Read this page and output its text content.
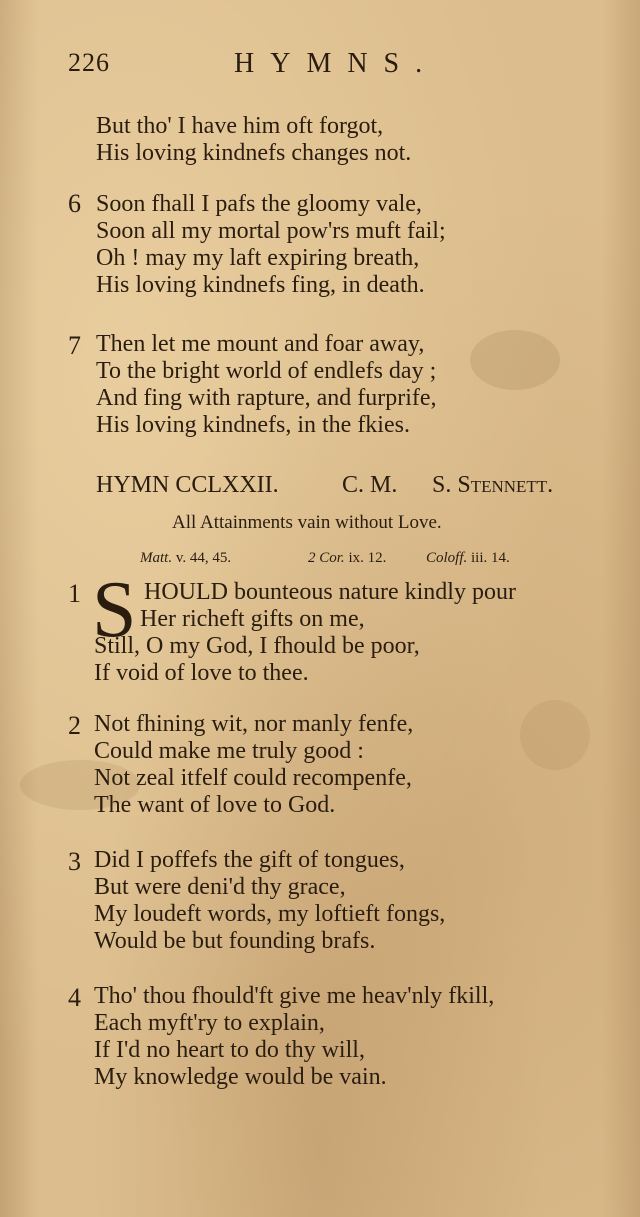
226	HYMNS.
But tho' I have him oft forgot,
His loving kindnefs changes not.
6 Soon fhall I pafs the gloomy vale,
Soon all my mortal pow'rs muft fail;
Oh ! may my laft expiring breath,
His loving kindnefs fing, in death.
7 Then let me mount and foar away,
To the bright world of endlefs day ;
And fing with rapture, and furprife,
His loving kindnefs, in the fkies.
HYMN CCLXXII.	C. M. S. Stennett.
All Attainments vain without Love.
Matt. v. 44, 45.	2 Cor. ix. 12.	Coloff. iii. 14.
1 S HOULD bounteous nature kindly pour
Her richeft gifts on me,
Still, O my God, I fhould be poor,
If void of love to thee.
2 Not fhining wit, nor manly fenfe,
Could make me truly good :
Not zeal itfelf could recompenfe,
The want of love to God.
3 Did I poffefs the gift of tongues,
But were deni'd thy grace,
My loudeft words, my loftieft fongs,
Would be but founding brafs.
4 Tho' thou fhould'ft give me heav'nly fkill,
Each myft'ry to explain,
If I'd no heart to do thy will,
My knowledge would be vain.
